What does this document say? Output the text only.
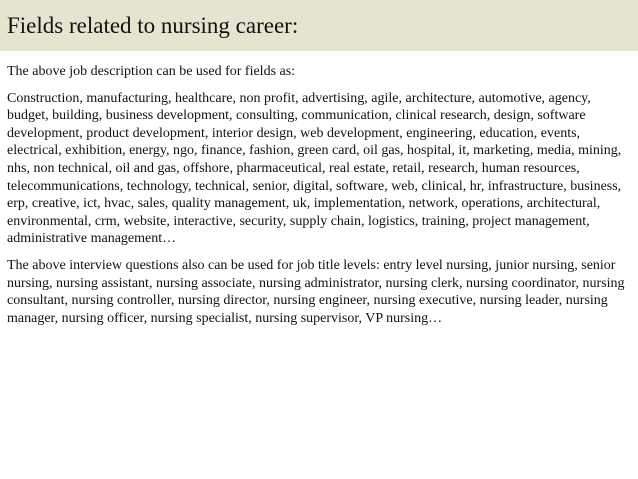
Fields related to nursing career:

The above job description can be used for fields as:

Construction, manufacturing, healthcare, non profit, advertising, agile, architecture, automotive, agency, budget, building, business development, consulting, communication, clinical research, design, software development, product development, interior design, web development, engineering, education, events, electrical, exhibition, energy, ngo, finance, fashion, green card, oil gas, hospital, it, marketing, media, mining, nhs, non technical, oil and gas, offshore, pharmaceutical, real estate, retail, research, human resources, telecommunications, technology, technical, senior, digital, software, web, clinical, hr, infrastructure, business, erp, creative, ict, hvac, sales, quality management, uk, implementation, network, operations, architectural, environmental, crm, website, interactive, security, supply chain, logistics, training, project management, administrative management…

The above interview questions also can be used for job title levels: entry level nursing, junior nursing, senior nursing, nursing assistant, nursing associate, nursing administrator, nursing clerk, nursing coordinator, nursing consultant, nursing controller, nursing director, nursing engineer, nursing executive, nursing leader, nursing manager, nursing officer, nursing specialist, nursing supervisor, VP nursing…
